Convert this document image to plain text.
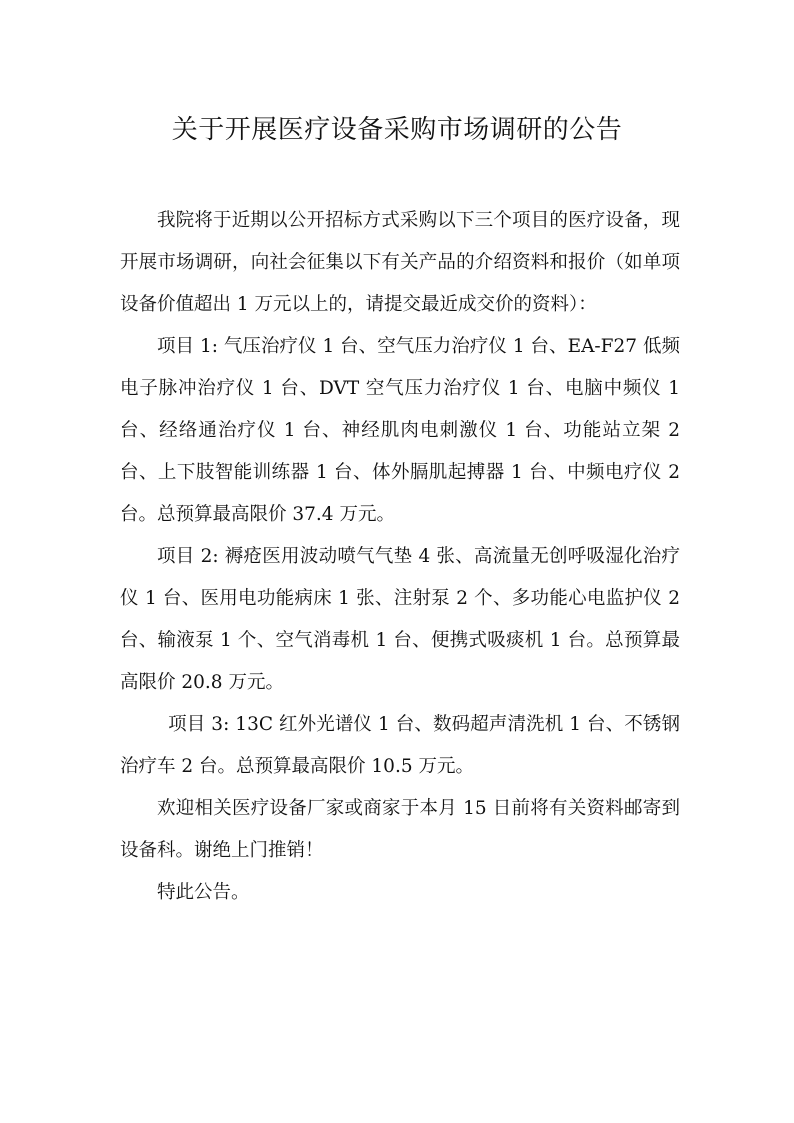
关于开展医疗设备采购市场调研的公告

我院将于近期以公开招标方式采购以下三个项目的医疗设备，现开展市场调研，向社会征集以下有关产品的介绍资料和报价（如单项设备价值超出 1 万元以上的，请提交最近成交价的资料）：

项目 1: 气压治疗仪 1 台、空气压力治疗仪 1 台、EA-F27 低频电子脉冲治疗仪 1 台、DVT 空气压力治疗仪 1 台、电脑中频仪 1 台、经络通治疗仪 1 台、神经肌肉电刺激仪 1 台、功能站立架 2 台、上下肢智能训练器 1 台、体外膈肌起搏器 1 台、中频电疗仪 2 台。总预算最高限价 37.4 万元。

项目 2: 褥疮医用波动喷气气垫 4 张、高流量无创呼吸湿化治疗仪 1 台、医用电功能病床 1 张、注射泵 2 个、多功能心电监护仪 2 台、输液泵 1 个、空气消毒机 1 台、便携式吸痰机 1 台。总预算最高限价 20.8 万元。

项目 3: 13C 红外光谱仪 1 台、数码超声清洗机 1 台、不锈钢治疗车 2 台。总预算最高限价 10.5 万元。

欢迎相关医疗设备厂家或商家于本月 15 日前将有关资料邮寄到设备科。谢绝上门推销！

特此公告。
